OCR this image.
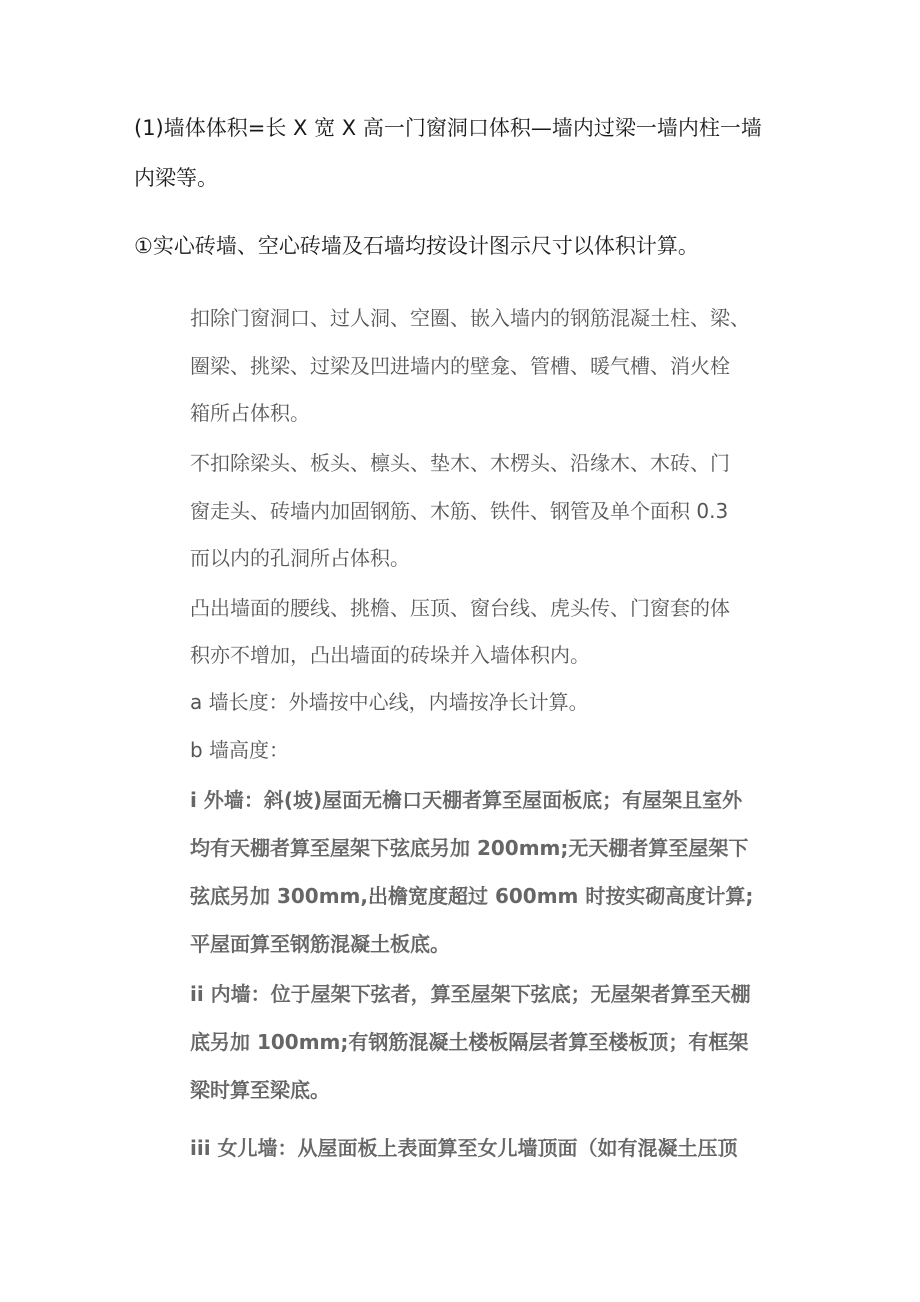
(1)墙体体积=长 X 宽 X 高一门窗洞口体积—墙内过梁一墙内柱一墙
内梁等。
①实心砖墙、空心砖墙及石墙均按设计图示尺寸以体积计算。
扣除门窗洞口、过人洞、空圈、嵌入墙内的钢筋混凝土柱、梁、
圈梁、挑梁、过梁及凹进墙内的壁龛、管槽、暖气槽、消火栓
箱所占体积。
不扣除梁头、板头、檩头、垫木、木楞头、沿缘木、木砖、门
窗走头、砖墙内加固钢筋、木筋、铁件、钢管及单个面积 0.3
而以内的孔洞所占体积。
凸出墙面的腰线、挑檐、压顶、窗台线、虎头传、门窗套的体
积亦不增加，凸出墙面的砖垛并入墙体积内。
a 墙长度：外墙按中心线，内墙按净长计算。
b 墙高度：
i 外墙：斜(坡)屋面无檐口天棚者算至屋面板底；有屋架且室外
均有天棚者算至屋架下弦底另加 200mm;无天棚者算至屋架下
弦底另加 300mm,出檐宽度超过 600mm 时按实砌高度计算;
平屋面算至钢筋混凝土板底。
ii 内墙：位于屋架下弦者，算至屋架下弦底；无屋架者算至天棚
底另加 100mm;有钢筋混凝土楼板隔层者算至楼板顶；有框架
梁时算至梁底。
iii 女儿墙：从屋面板上表面算至女儿墙顶面（如有混凝土压顶
